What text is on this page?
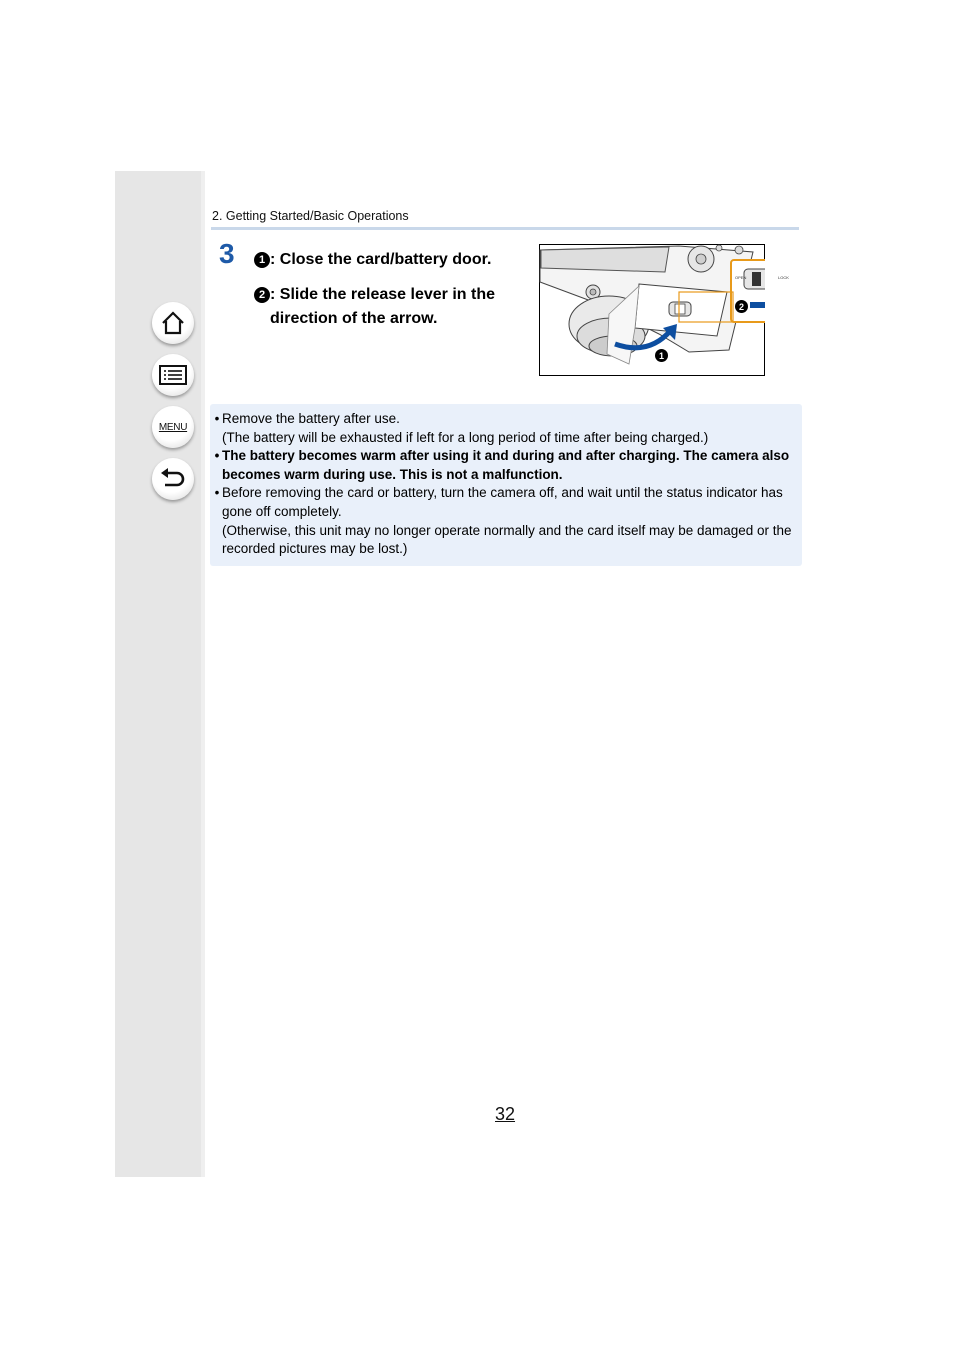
MENU
2. Getting Started/Basic Operations
3	1 : Close the card/battery door.
2 : Slide the release lever in the direction of the arrow.
OPEN	LOCK
1
2
• Remove the battery after use.
(The battery will be exhausted if left for a long period of time after being charged.)
• The battery becomes warm after using it and during and after charging. The camera also becomes warm during use. This is not a malfunction.
• Before removing the card or battery, turn the camera off, and wait until the status indicator has gone off completely.
(Otherwise, this unit may no longer operate normally and the card itself may be damaged or the recorded pictures may be lost.)
32
